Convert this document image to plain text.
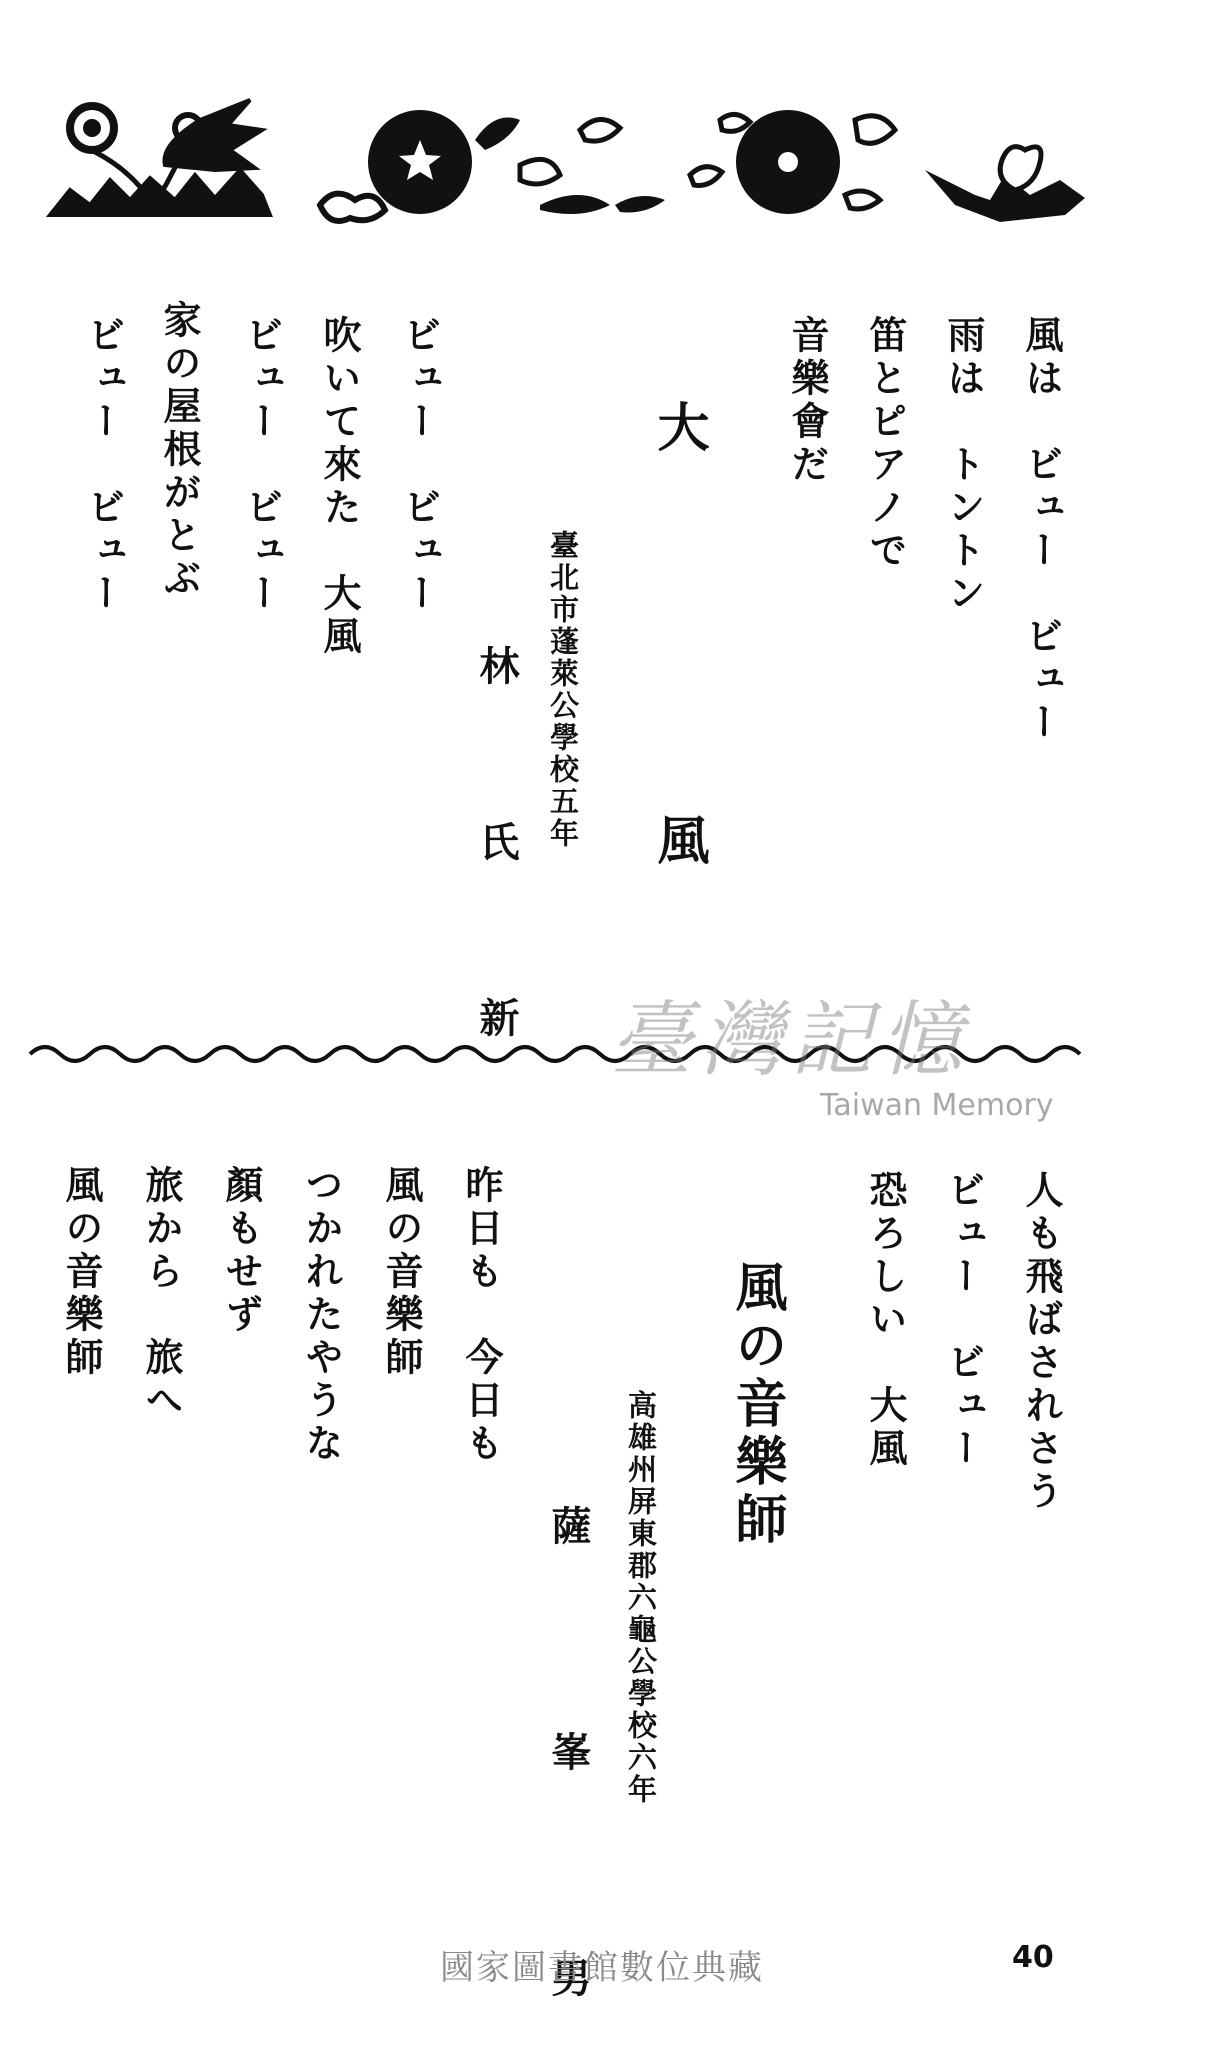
風は　ビュー　ビュー
雨は　トントン
笛とピアノで
音樂會だ
大 風
臺北市蓬萊公學校五年
林 氏 新
ビュー　ビュー
吹いて來た　大風
ビュー　ビュー
家の屋根がとぶ
ビュー　ビュー
臺灣記憶
Taiwan Memory
人も飛ばされさう
ビュー　ビュー
恐ろしい　大風
風の音樂師
高雄州屏東郡六龜公學校六年
薩 峯 男
昨日も　今日も
風の音樂師
つかれたやうな
顏もせず
旅から　旅へ
風の音樂師
國家圖書館數位典藏	40
